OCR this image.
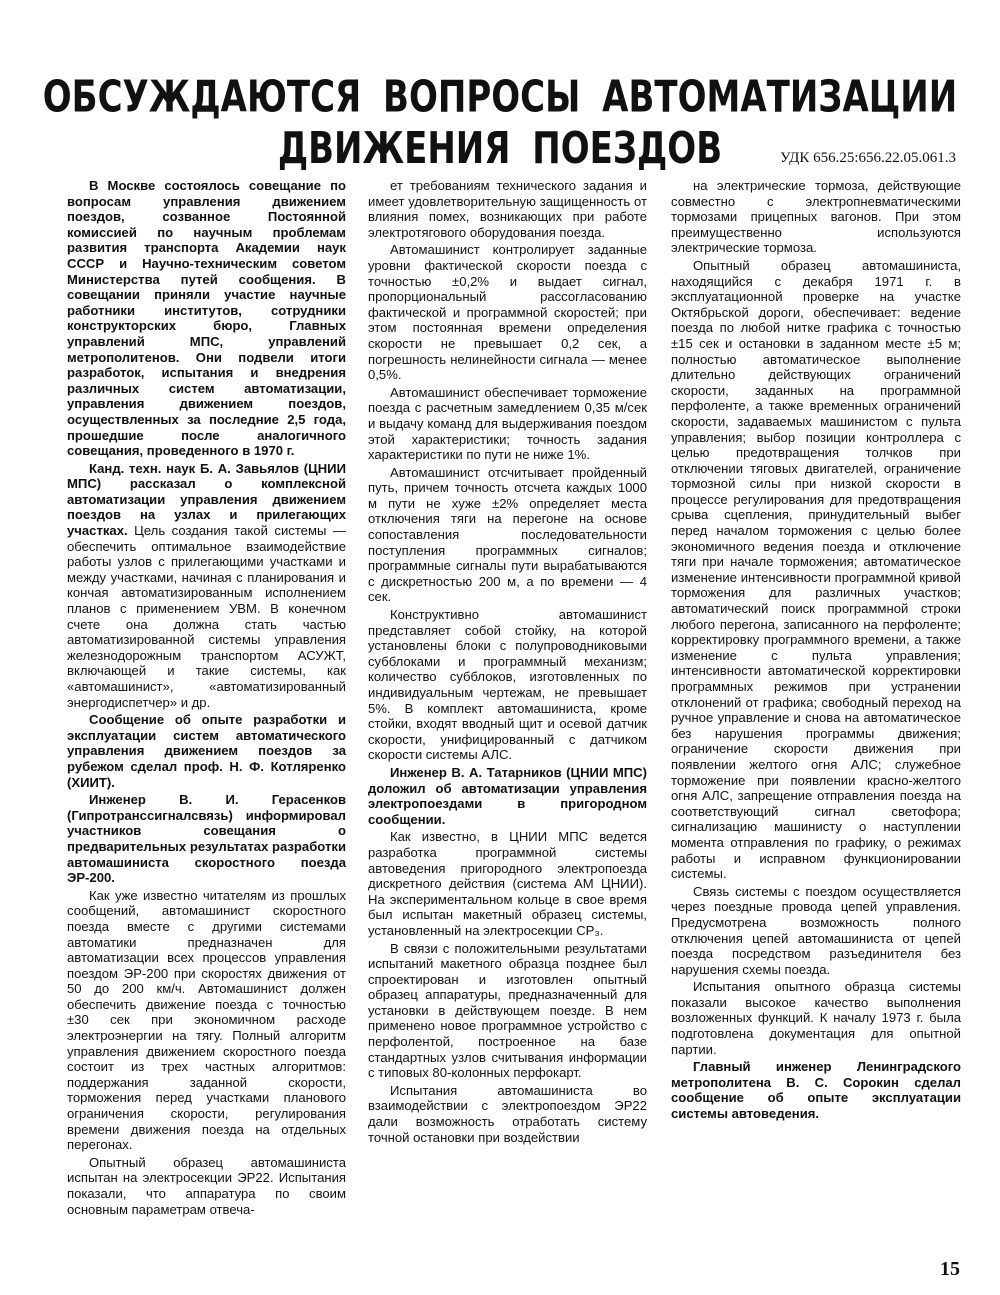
ОБСУЖДАЮТСЯ ВОПРОСЫ АВТОМАТИЗАЦИИ ДВИЖЕНИЯ ПОЕЗДОВ	УДК 656.25:656.22.05.061.3

В Москве состоялось совещание по вопросам управления движением поездов, созванное Постоянной комиссией по научным проблемам развития транспорта Академии наук СССР и Научно-техническим советом Министерства путей сообщения. В совещании приняли участие научные работники институтов, сотрудники конструкторских бюро, Главных управлений МПС, управлений метрополитенов. Они подвели итоги разработок, испытания и внедрения различных систем автоматизации, управления движением поездов, осуществленных за последние 2,5 года, прошедшие после аналогичного совещания, проведенного в 1970 г.

Канд. техн. наук Б. А. Завьялов (ЦНИИ МПС) рассказал о комплексной автоматизации управления движением поездов на узлах и прилегающих участках. Цель создания такой системы — обеспечить оптимальное взаимодействие работы узлов с прилегающими участками и между участками, начиная с планирования и кончая автоматизированным исполнением планов с применением УВМ. В конечном счете она должна стать частью автоматизированной системы управления железнодорожным транспортом АСУЖТ, включающей и такие системы, как «автомашинист», «автоматизированный энергодиспетчер» и др.

Сообщение об опыте разработки и эксплуатации систем автоматического управления движением поездов за рубежом сделал проф. Н. Ф. Котляренко (ХИИТ).

Инженер В. И. Герасенков (Гипротранссигналсвязь) информировал участников совещания о предварительных результатах разработки автомашиниста скоростного поезда ЭР-200.

Как уже известно читателям из прошлых сообщений, автомашинист скоростного поезда вместе с другими системами автоматики предназначен для автоматизации всех процессов управления поездом ЭР-200 при скоростях движения от 50 до 200 км/ч. Автомашинист должен обеспечить движение поезда с точностью ±30 сек при экономичном расходе электроэнергии на тягу. Полный алгоритм управления движением скоростного поезда состоит из трех частных алгоритмов: поддержания заданной скорости, торможения перед участками планового ограничения скорости, регулирования времени движения поезда на отдельных перегонах.

Опытный образец автомашиниста испытан на электросекции ЭР22. Испытания показали, что аппаратура по своим основным параметрам отвеча-

ет требованиям технического задания и имеет удовлетворительную защищенность от влияния помех, возникающих при работе электротягового оборудования поезда.

Автомашинист контролирует заданные уровни фактической скорости поезда с точностью ±0,2% и выдает сигнал, пропорциональный рассогласованию фактической и программной скоростей; при этом постоянная времени определения скорости не превышает 0,2 сек, а погрешность нелинейности сигнала — менее 0,5%.

Автомашинист обеспечивает торможение поезда с расчетным замедлением 0,35 м/сек и выдачу команд для выдерживания поездом этой характеристики; точность задания характеристики по пути не ниже 1%.

Автомашинист отсчитывает пройденный путь, причем точность отсчета каждых 1000 м пути не хуже ±2% определяет места отключения тяги на перегоне на основе сопоставления последовательности поступления программных сигналов; программные сигналы пути вырабатываются с дискретностью 200 м, а по времени — 4 сек.

Конструктивно автомашинист представляет собой стойку, на которой установлены блоки с полупроводниковыми субблоками и программный механизм; количество субблоков, изготовленных по индивидуальным чертежам, не превышает 5%. В комплект автомашиниста, кроме стойки, входят вводный щит и осевой датчик скорости, унифицированный с датчиком скорости системы АЛС.

Инженер В. А. Татарников (ЦНИИ МПС) доложил об автоматизации управления электропоездами в пригородном сообщении.

Как известно, в ЦНИИ МПС ведется разработка программной системы автоведения пригородного электропоезда дискретного действия (система АМ ЦНИИ). На экспериментальном кольце в свое время был испытан макетный образец системы, установленный на электросекции СР₃.

В связи с положительными результатами испытаний макетного образца позднее был спроектирован и изготовлен опытный образец аппаратуры, предназначенный для установки в действующем поезде. В нем применено новое программное устройство с перфолентой, построенное на базе стандартных узлов считывания информации с типовых 80-колонных перфокарт.

Испытания автомашиниста во взаимодействии с электропоездом ЭР22 дали возможность отработать систему точной остановки при воздействии

на электрические тормоза, действующие совместно с электропневматическими тормозами прицепных вагонов. При этом преимущественно используются электрические тормоза.

Опытный образец автомашиниста, находящийся с декабря 1971 г. в эксплуатационной проверке на участке Октябрьской дороги, обеспечивает: ведение поезда по любой нитке графика с точностью ±15 сек и остановки в заданном месте ±5 м; полностью автоматическое выполнение длительно действующих ограничений скорости, заданных на программной перфоленте, а также временных ограничений скорости, задаваемых машинистом с пульта управления; выбор позиции контроллера с целью предотвращения толчков при отключении тяговых двигателей, ограничение тормозной силы при низкой скорости в процессе регулирования для предотвращения срыва сцепления, принудительный выбег перед началом торможения с целью более экономичного ведения поезда и отключение тяги при начале торможения; автоматическое изменение интенсивности программной кривой торможения для различных участков; автоматический поиск программной строки любого перегона, записанного на перфоленте; корректировку программного времени, а также изменение с пульта управления; интенсивности автоматической корректировки программных режимов при устранении отклонений от графика; свободный переход на ручное управление и снова на автоматическое без нарушения программы движения; ограничение скорости движения при появлении желтого огня АЛС; служебное торможение при появлении красно-желтого огня АЛС, запрещение отправления поезда на соответствующий сигнал светофора; сигнализацию машинисту о наступлении момента отправления по графику, о режимах работы и исправном функционировании системы.

Связь системы с поездом осуществляется через поездные провода цепей управления. Предусмотрена возможность полного отключения цепей автомашиниста от цепей поезда посредством разъединителя без нарушения схемы поезда.

Испытания опытного образца системы показали высокое качество выполнения возложенных функций. К началу 1973 г. была подготовлена документация для опытной партии.

Главный инженер Ленинградского метрополитена В. С. Сорокин сделал сообщение об опыте эксплуатации системы автоведения.

15
